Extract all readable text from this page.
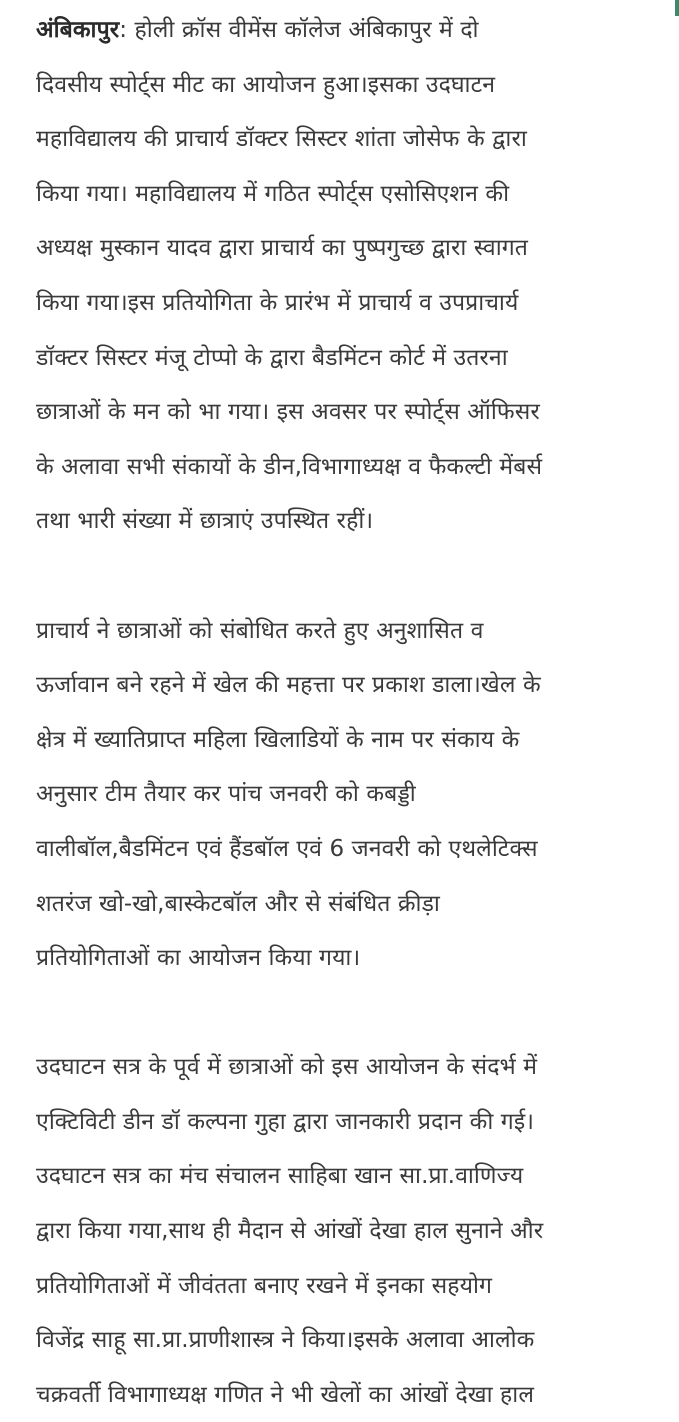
अंबिकापुर: होली क्रॉस वीमेंस कॉलेज अंबिकापुर में दो
दिवसीय स्पोर्ट्स मीट का आयोजन हुआ।इसका उदघाटन
महाविद्यालय की प्राचार्य डॉक्टर सिस्टर शांता जोसेफ के द्वारा
किया गया। महाविद्यालय में गठित स्पोर्ट्स एसोसिएशन की
अध्यक्ष मुस्कान यादव द्वारा प्राचार्य का पुष्पगुच्छ द्वारा स्वागत
किया गया।इस प्रतियोगिता के प्रारंभ में प्राचार्य व उपप्राचार्य
डॉक्टर सिस्टर मंजू टोप्पो के द्वारा बैडमिंटन कोर्ट में उतरना
छात्राओं के मन को भा गया। इस अवसर पर स्पोर्ट्स ऑफिसर
के अलावा सभी संकायों के डीन,विभागाध्यक्ष व फैकल्टी मेंबर्स
तथा भारी संख्या में छात्राएं उपस्थित रहीं।
प्राचार्य ने छात्राओं को संबोधित करते हुए अनुशासित व
ऊर्जावान बने रहने में खेल की महत्ता पर प्रकाश डाला।खेल के
क्षेत्र में ख्यातिप्राप्त महिला खिलाडियों के नाम पर संकाय के
अनुसार टीम तैयार कर पांच जनवरी को कबड्डी
वालीबॉल,बैडमिंटन एवं हैंडबॉल एवं 6 जनवरी को एथलेटिक्स
शतरंज खो-खो,बास्केटबॉल और से संबंधित क्रीड़ा
प्रतियोगिताओं का आयोजन किया गया।
उदघाटन सत्र के पूर्व में छात्राओं को इस आयोजन के संदर्भ में
एक्टिविटी डीन डॉ कल्पना गुहा द्वारा जानकारी प्रदान की गई।
उदघाटन सत्र का मंच संचालन साहिबा खान सा.प्रा.वाणिज्य
द्वारा किया गया,साथ ही मैदान से आंखों देखा हाल सुनाने और
प्रतियोगिताओं में जीवंतता बनाए रखने में इनका सहयोग
विजेंद्र साहू सा.प्रा.प्राणीशास्त्र ने किया।इसके अलावा आलोक
चक्रवर्ती विभागाध्यक्ष गणित ने भी खेलों का आंखों देखा हाल
